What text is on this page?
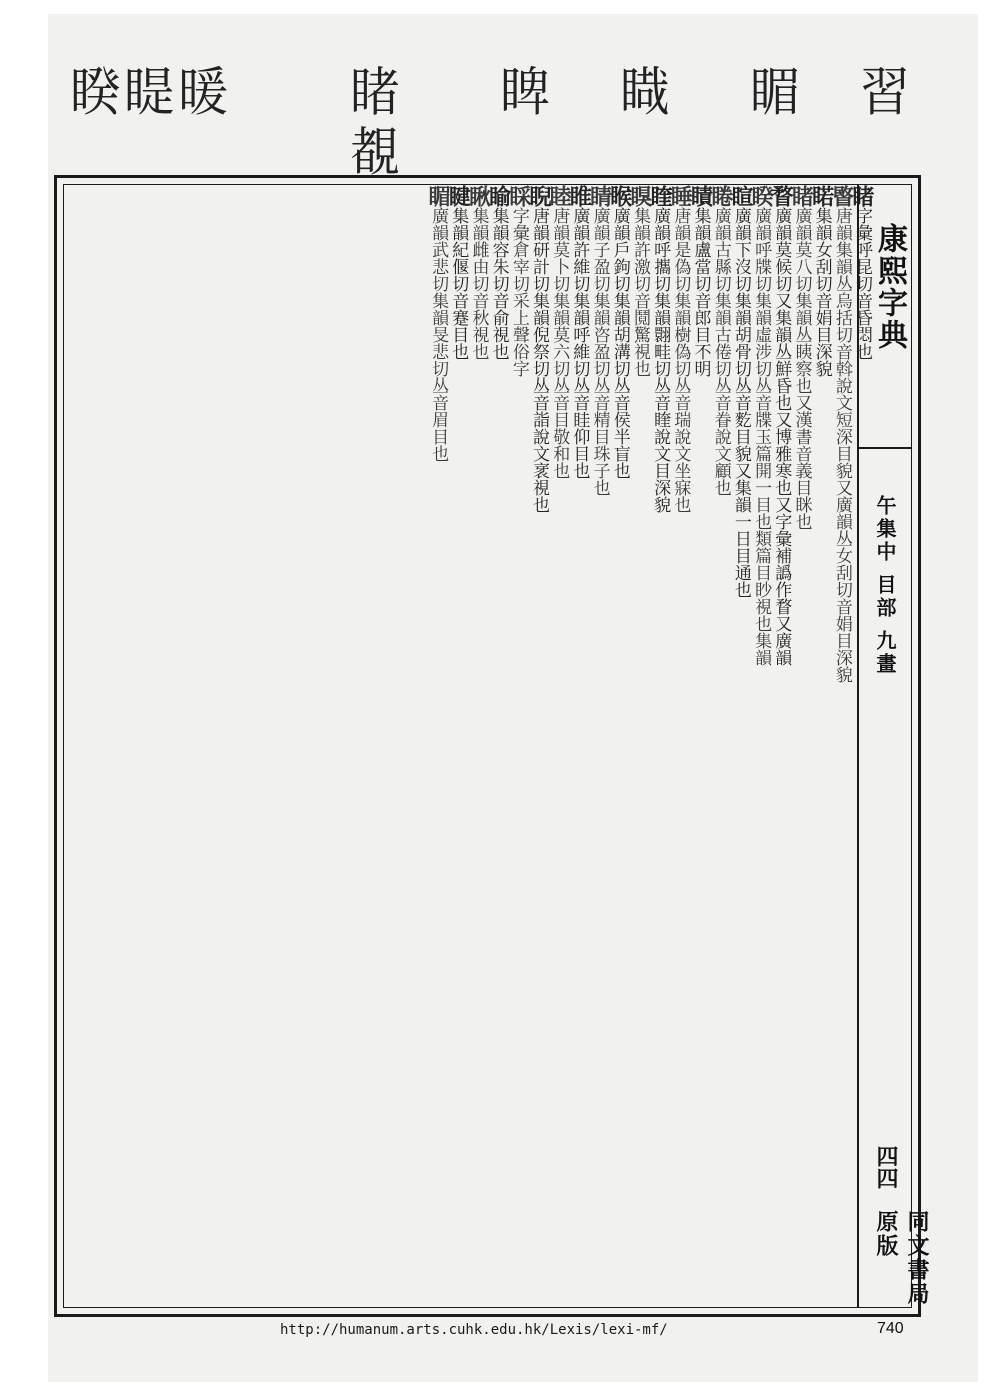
睽睼暖 睹
覩
睥 睵 睸 習
睹字彙呼昆切音昏悶也
睯唐韻集韻丛烏括切音斡說文短深目貌又廣韻丛女刮切音娟目深貌
睰集韻女刮切音娟目深貌
睹廣韻莫八切集韻丛眱察也又漢書音義目眯也
瞀廣韻莫候切又集韻丛鮮昏也又博雅寒也又字彙補譌作瞀又廣韻
睽廣韻呼牒切集韻虛涉切丛音牒玉篇開一目也類篇目眇視也集韻
睻廣韻下沒切集韻胡骨切丛音麧目貌又集韻一日目通也
睠廣韻古縣切集韻古倦切丛音眷說文顧也
瞔集韻盧當切音郎目不明
睡唐韻是偽切集韻樹偽切丛音瑞說文坐寐也
睳廣韻呼攜切集韻翾畦切丛音睳說文目深貌
瞁集韻許激切音鬩驚視也
睺廣韻戶鉤切集韻胡溝切丛音侯半盲也
睛廣韻子盈切集韻咨盈切丛音精目珠子也
睢廣韻許維切集韻呼維切丛音眭仰目也
睦唐韻莫卜切集韻莫六切丛音目敬和也
睨唐韻研計切集韻倪祭切丛音詣說文衺視也
睬字彙倉宰切采上聲俗字
睮集韻容朱切音俞視也
瞅集韻雌由切音秋視也
睷集韻紀偃切音蹇目也
睸廣韻武悲切集韻旻悲切丛音眉目也	康熙字典
午集中 目部 九畫
四四
同文書局原版
http://humanum.arts.cuhk.edu.hk/Lexis/lexi-mf/	740
